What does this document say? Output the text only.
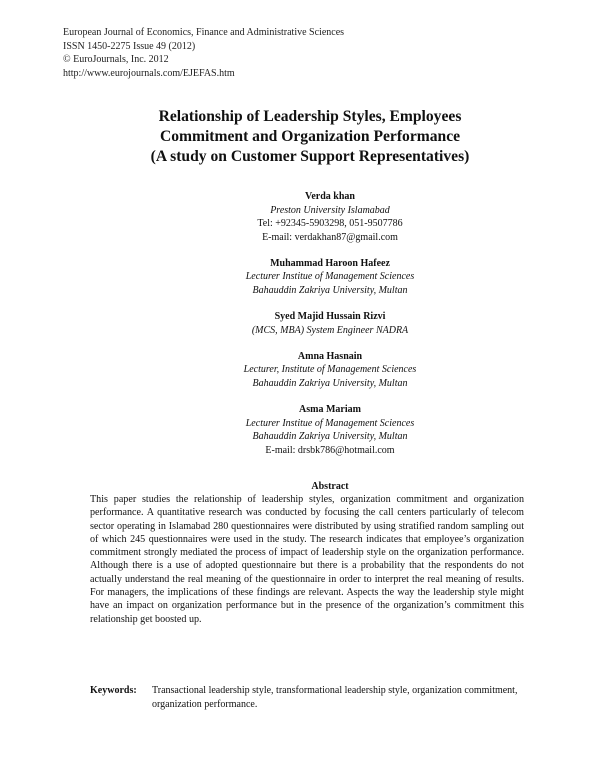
European Journal of Economics, Finance and Administrative Sciences
ISSN 1450-2275 Issue 49 (2012)
© EuroJournals, Inc. 2012
http://www.eurojournals.com/EJEFAS.htm
Relationship of Leadership Styles, Employees
Commitment and Organization Performance
(A study on Customer Support Representatives)
Verda khan
Preston University Islamabad
Tel: +92345-5903298, 051-9507786
E-mail: verdakhan87@gmail.com
Muhammad Haroon Hafeez
Lecturer Institue of Management Sciences
Bahauddin Zakriya University, Multan
Syed Majid Hussain Rizvi
(MCS, MBA) System Engineer NADRA
Amna Hasnain
Lecturer, Institute of Management Sciences
Bahauddin Zakriya University, Multan
Asma Mariam
Lecturer Institue of Management Sciences
Bahauddin Zakriya University, Multan
E-mail: drsbk786@hotmail.com
Abstract
This paper studies the relationship of leadership styles, organization commitment and organization performance. A quantitative research was conducted by focusing the call centers particularly of telecom sector operating in Islamabad 280 questionnaires were distributed by using stratified random sampling out of which 245 questionnaires were used in the study. The research indicates that employee’s organization commitment strongly mediated the process of impact of leadership style on the organization performance. Although there is a use of adopted questionnaire but there is a probability that the respondents do not actually understand the real meaning of the questionnaire in order to interpret the real meaning of results. For managers, the implications of these findings are relevant. Aspects the way the leadership style might have an impact on organization performance but in the presence of the organization’s commitment this relationship get boosted up.
Keywords: Transactional leadership style, transformational leadership style, organization commitment, organization performance.
